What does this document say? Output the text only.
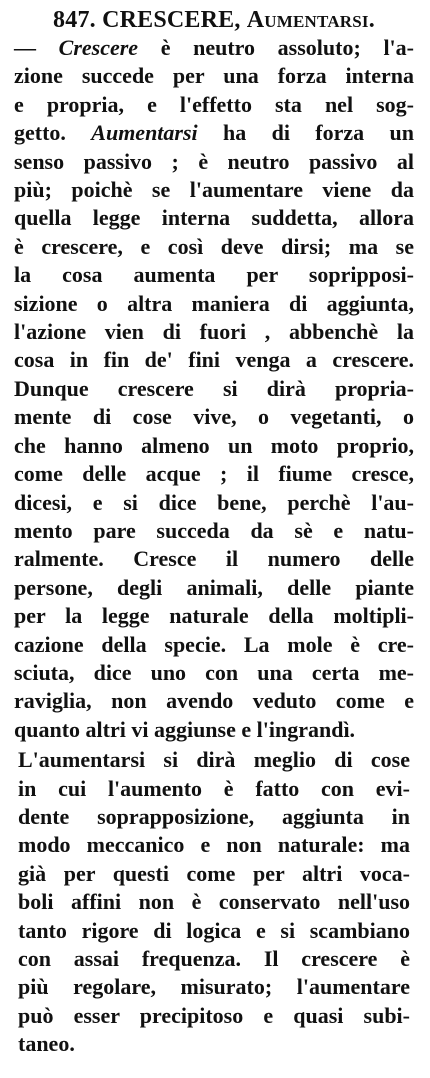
847. CRESCERE, Aumentarsi.
— Crescere è neutro assoluto; l'a-
zione succede per una forza interna
e propria, e l'effetto sta nel sog-
getto. Aumentarsi ha di forza un
senso passivo ; è neutro passivo al
più; poichè se l'aumentare viene da
quella legge interna suddetta, allora
è crescere, e così deve dirsi; ma se
la cosa aumenta per sopripposi-
sizione o altra maniera di aggiunta,
l'azione vien di fuori , abbenchè la
cosa in fin de' fini venga a crescere.
Dunque crescere si dirà propria-
mente di cose vive, o vegetanti, o
che hanno almeno un moto proprio,
come delle acque ; il fiume cresce,
dicesi, e si dice bene, perchè l'au-
mento pare succeda da sè e natu-
ralmente. Cresce il numero delle
persone, degli animali, delle piante
per la legge naturale della moltipli-
cazione della specie. La mole è cre-
sciuta, dice uno con una certa me-
raviglia, non avendo veduto come e
quanto altri vi aggiunse e l'ingrandì.
L'aumentarsi si dirà meglio di cose
in cui l'aumento è fatto con evi-
dente soprapposizione, aggiunta in
modo meccanico e non naturale: ma
già per questi come per altri voca-
boli affini non è conservato nell'uso
tanto rigore di logica e si scambiano
con assai frequenza. Il crescere è
più regolare, misurato; l'aumentare
può esser precipitoso e quasi subi-
taneo.
